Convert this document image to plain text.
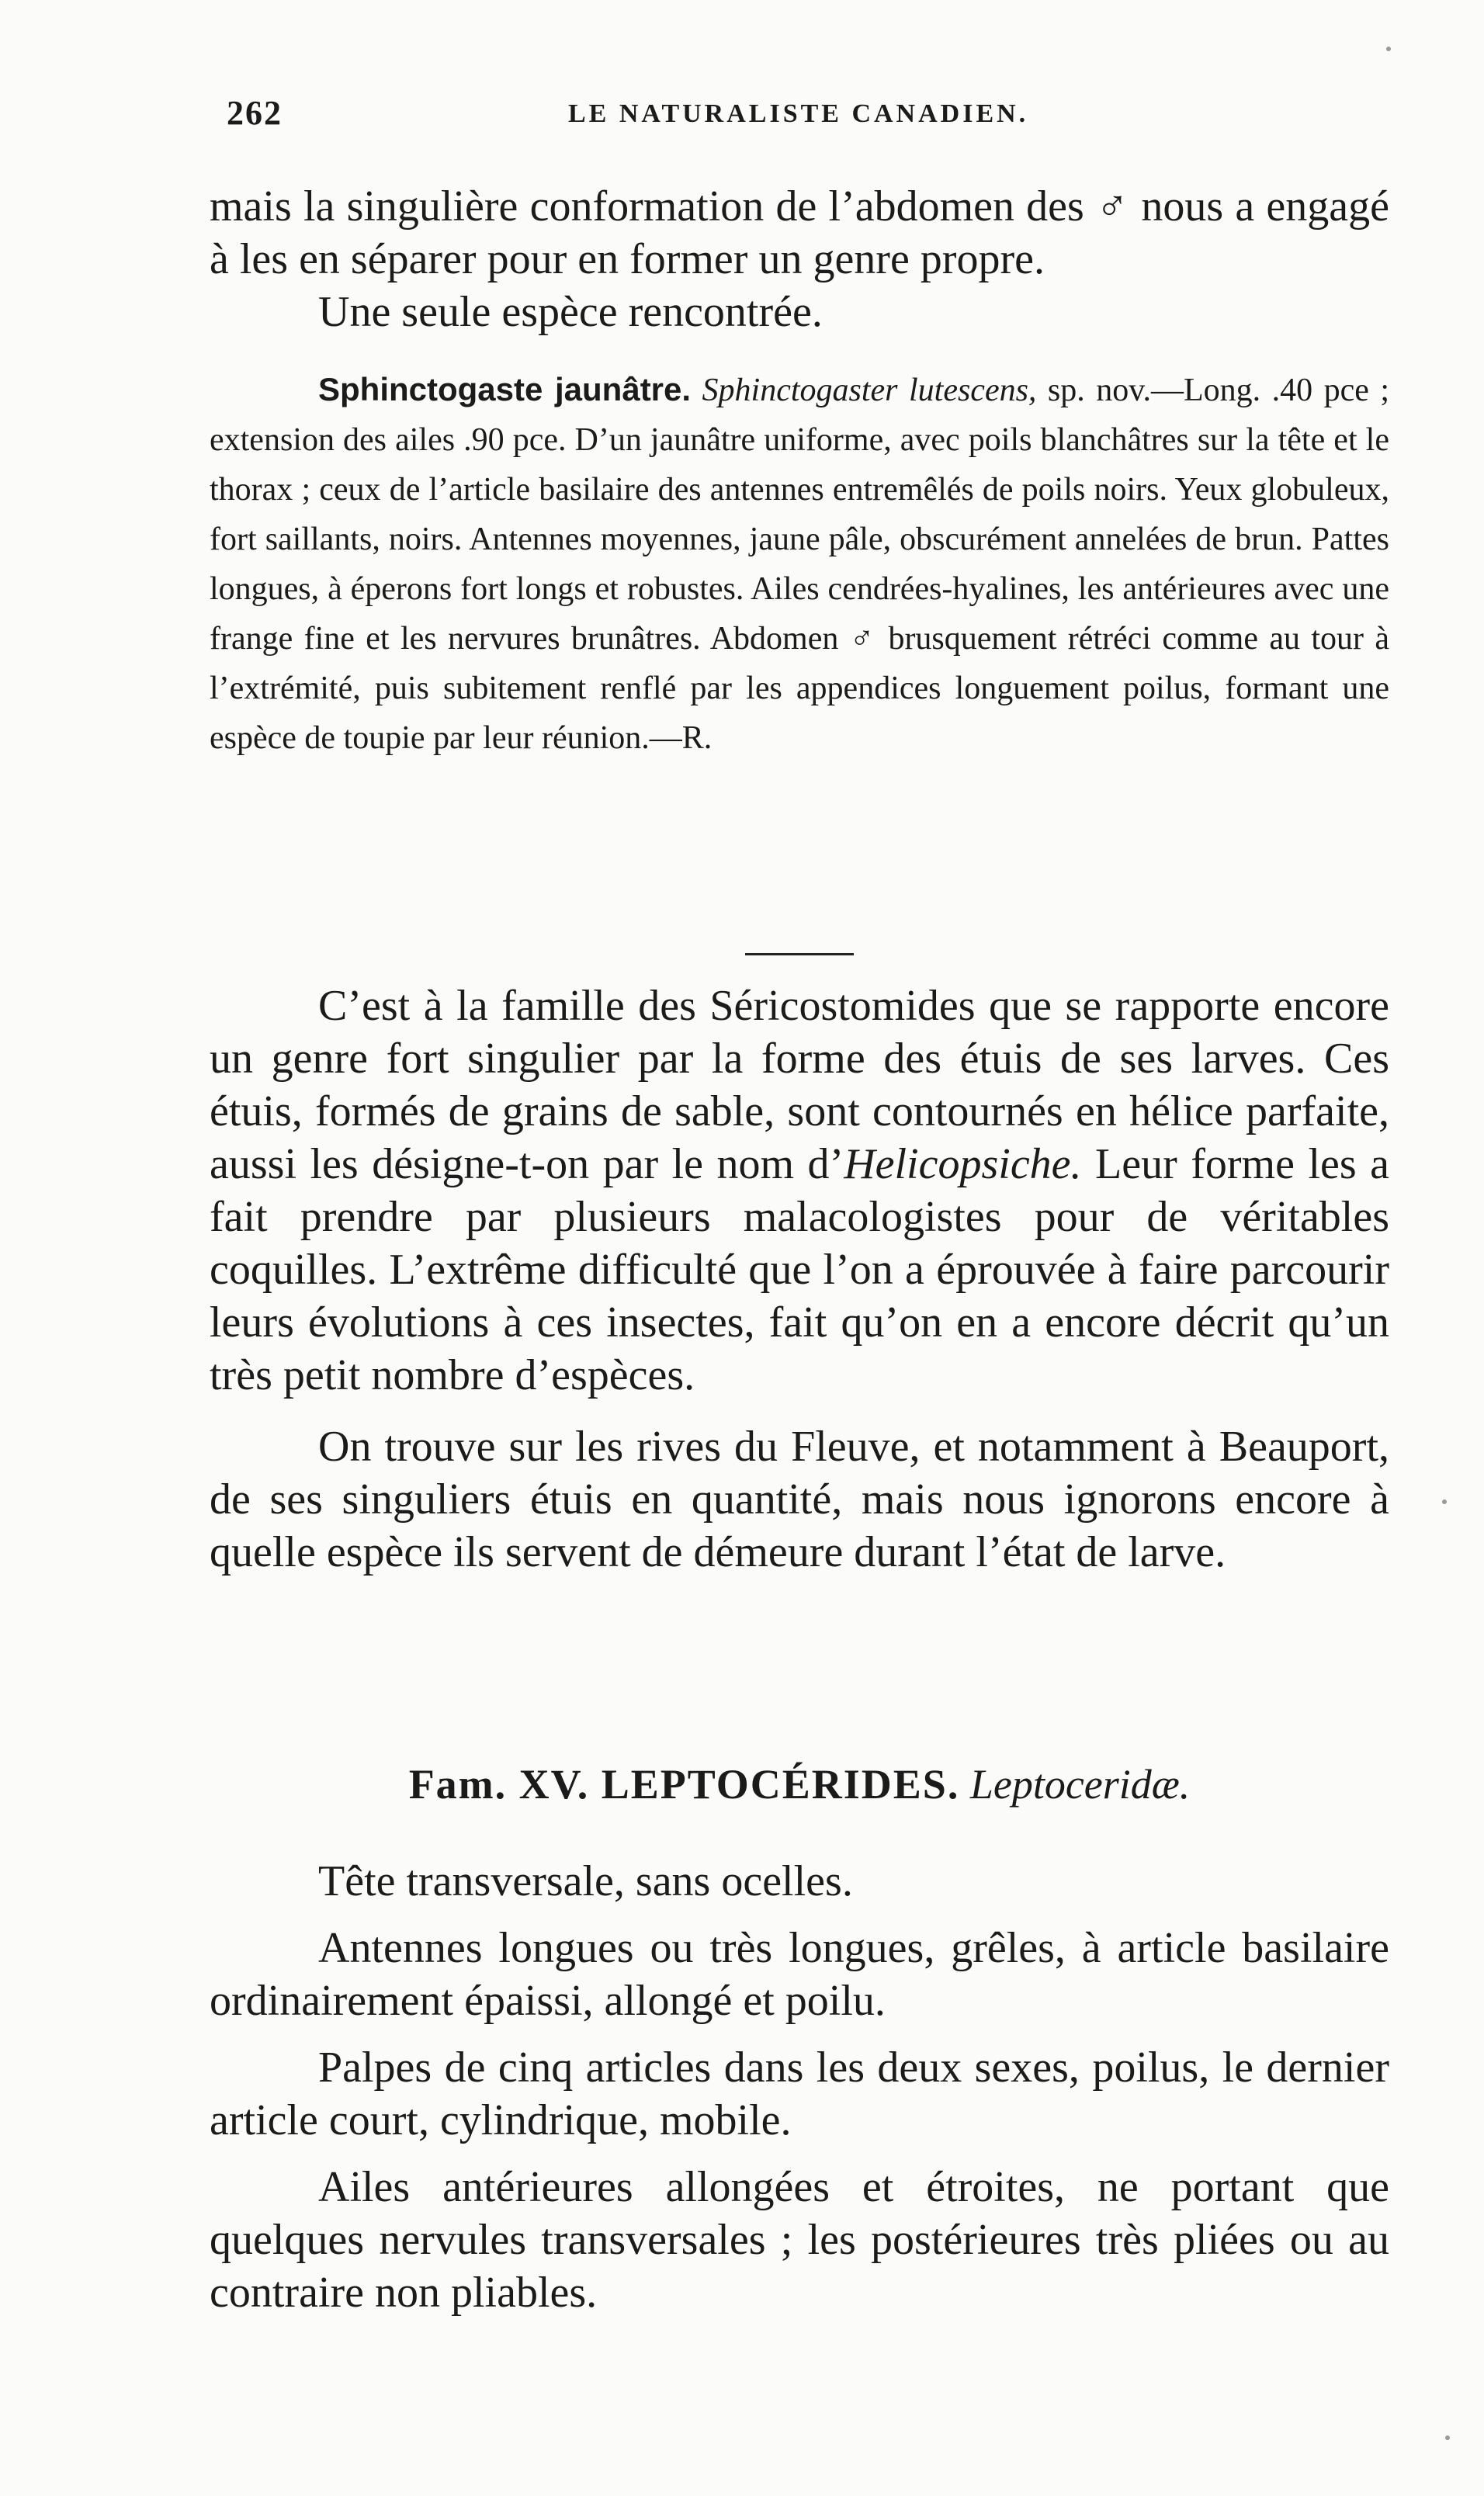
262	LE NATURALISTE CANADIEN.

mais la singulière conformation de l’abdomen des ♂ nous a engagé à les en séparer pour en former un genre propre.

Une seule espèce rencontrée.

Sphinctogaste jaunâtre. Sphinctogaster lutescens, sp. nov.—Long. .40 pce ; extension des ailes .90 pce. D’un jaunâtre uniforme, avec poils blanchâtres sur la tête et le thorax ; ceux de l’article basilaire des antennes entremêlés de poils noirs. Yeux globuleux, fort saillants, noirs. Antennes moyennes, jaune pâle, obscurément annelées de brun. Pattes longues, à éperons fort longs et robustes. Ailes cendrées-hyalines, les antérieures avec une frange fine et les nervures brunâtres. Abdomen ♂ brusquement rétréci comme au tour à l’extrémité, puis subitement renflé par les appendices longuement poilus, formant une espèce de toupie par leur réunion.—R.

C’est à la famille des Séricostomides que se rapporte encore un genre fort singulier par la forme des étuis de ses larves. Ces étuis, formés de grains de sable, sont contournés en hélice parfaite, aussi les désigne-t-on par le nom d’Helicopsiche. Leur forme les a fait prendre par plusieurs malacologistes pour de véritables coquilles. L’extrême difficulté que l’on a éprouvée à faire parcourir leurs évolutions à ces insectes, fait qu’on en a encore décrit qu’un très petit nombre d’espèces.

On trouve sur les rives du Fleuve, et notamment à Beauport, de ses singuliers étuis en quantité, mais nous ignorons encore à quelle espèce ils servent de démeure durant l’état de larve.

Fam. XV. LEPTOCÉRIDES. Leptoceridæ.

Tête transversale, sans ocelles.

Antennes longues ou très longues, grêles, à article basilaire ordinairement épaissi, allongé et poilu.

Palpes de cinq articles dans les deux sexes, poilus, le dernier article court, cylindrique, mobile.

Ailes antérieures allongées et étroites, ne portant que quelques nervules transversales ; les postérieures très pliées ou au contraire non pliables.
